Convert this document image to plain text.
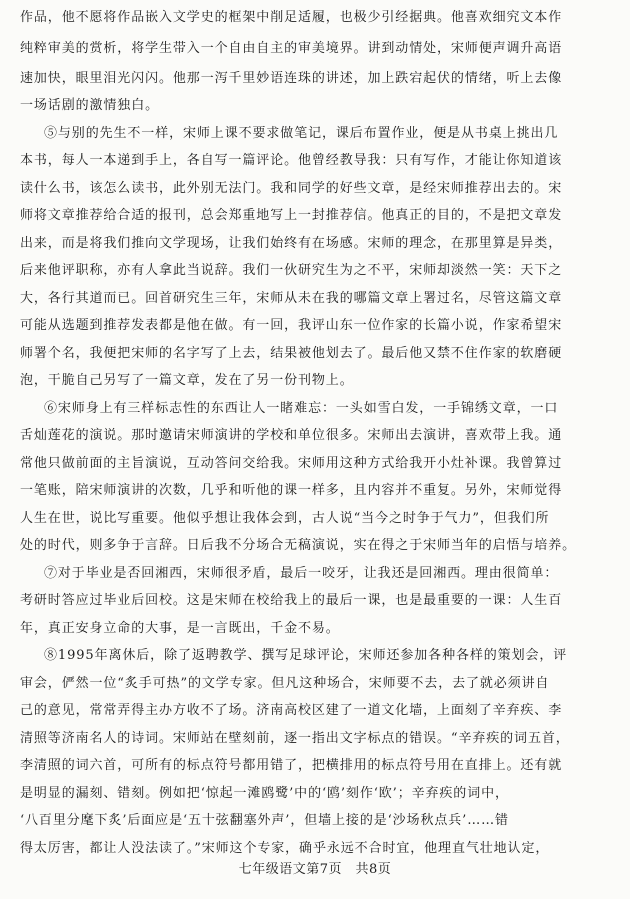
作品，他不愿将作品嵌入文学史的框架中削足适履，也极少引经据典。他喜欢细究文本作
纯粹审美的赏析，将学生带入一个自由自主的审美境界。讲到动情处，宋师便声调升高语
速加快，眼里泪光闪闪。他那一泻千里妙语连珠的讲述，加上跌宕起伏的情绪，听上去像
一场话剧的激情独白。
⑤与别的先生不一样，宋师上课不要求做笔记，课后布置作业，便是从书桌上挑出几
本书，每人一本递到手上，各自写一篇评论。他曾经教导我：只有写作，才能让你知道该
读什么书，该怎么读书，此外别无法门。我和同学的好些文章，是经宋师推荐出去的。宋
师将文章推荐给合适的报刊，总会郑重地写上一封推荐信。他真正的目的，不是把文章发
出来，而是将我们推向文学现场，让我们始终有在场感。宋师的理念，在那里算是异类，
后来他评职称，亦有人拿此当说辞。我们一伙研究生为之不平，宋师却淡然一笑：天下之
大，各行其道而已。回首研究生三年，宋师从未在我的哪篇文章上署过名，尽管这篇文章
可能从选题到推荐发表都是他在做。有一回，我评山东一位作家的长篇小说，作家希望宋
师署个名，我便把宋师的名字写了上去，结果被他划去了。最后他又禁不住作家的软磨硬
泡，干脆自己另写了一篇文章，发在了另一份刊物上。
⑥宋师身上有三样标志性的东西让人一睹难忘：一头如雪白发，一手锦绣文章，一口
舌灿莲花的演说。那时邀请宋师演讲的学校和单位很多。宋师出去演讲，喜欢带上我。通
常他只做前面的主旨演说，互动答问交给我。宋师用这种方式给我开小灶补课。我曾算过
一笔账，陪宋师演讲的次数，几乎和听他的课一样多，且内容并不重复。另外，宋师觉得
人生在世，说比写重要。他似乎想让我体会到，古人说“当今之时争于气力”，但我们所
处的时代，则多争于言辞。日后我不分场合无稿演说，实在得之于宋师当年的启悟与培养。
⑦对于毕业是否回湘西，宋师很矛盾，最后一咬牙，让我还是回湘西。理由很简单：
考研时答应过毕业后回校。这是宋师在校给我上的最后一课，也是最重要的一课：人生百
年，真正安身立命的大事，是一言既出，千金不易。
⑧1995年离休后，除了返聘教学、撰写足球评论，宋师还参加各种各样的策划会，评
审会，俨然一位“炙手可热”的文学专家。但凡这种场合，宋师要不去，去了就必须讲自
己的意见，常常弄得主办方收不了场。济南高校区建了一道文化墙，上面刻了辛弃疾、李
清照等济南名人的诗词。宋师站在壁刻前，逐一指出文字标点的错误。“辛弃疾的词五首，
李清照的词六首，可所有的标点符号都用错了，把横排用的标点符号用在直排上。还有就
是明显的漏刻、错刻。例如把‘惊起一滩鸥鹭’中的‘鸥’刻作‘欧’；辛弃疾的词中，
‘八百里分麾下炙’后面应是‘五十弦翻塞外声’，但墙上接的是‘沙场秋点兵’……错
得太厉害，都让人没法读了。”宋师这个专家，确乎永远不合时宜，他理直气壮地认定，
七年级语文第7页　共8页
